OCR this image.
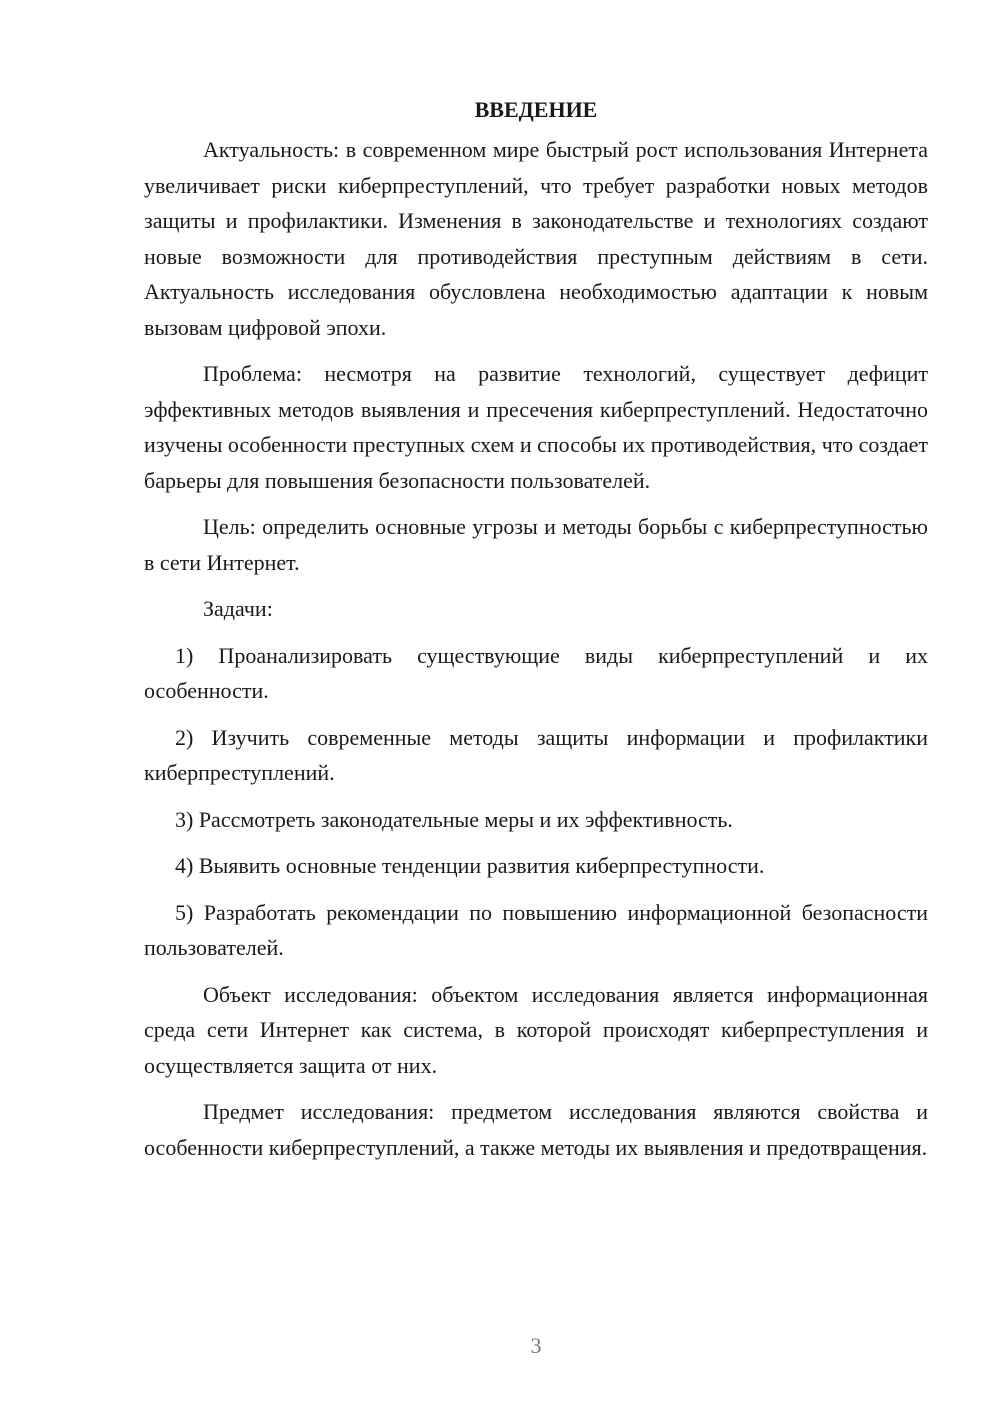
ВВЕДЕНИЕ

Актуальность: в современном мире быстрый рост использования Интернета увеличивает риски киберпреступлений, что требует разработки новых методов защиты и профилактики. Изменения в законодательстве и технологиях создают новые возможности для противодействия преступным действиям в сети. Актуальность исследования обусловлена необходимостью адаптации к новым вызовам цифровой эпохи.

Проблема: несмотря на развитие технологий, существует дефицит эффективных методов выявления и пресечения киберпреступлений. Недостаточно изучены особенности преступных схем и способы их противодействия, что создает барьеры для повышения безопасности пользователей.

Цель: определить основные угрозы и методы борьбы с киберпреступностью в сети Интернет.

Задачи:

1) Проанализировать существующие виды киберпреступлений и их особенности.

2) Изучить современные методы защиты информации и профилактики киберпреступлений.

3) Рассмотреть законодательные меры и их эффективность.

4) Выявить основные тенденции развития киберпреступности.

5) Разработать рекомендации по повышению информационной безопасности пользователей.

Объект исследования: объектом исследования является информационная среда сети Интернет как система, в которой происходят киберпреступления и осуществляется защита от них.

Предмет исследования: предметом исследования являются свойства и особенности киберпреступлений, а также методы их выявления и предотвращения.

3
